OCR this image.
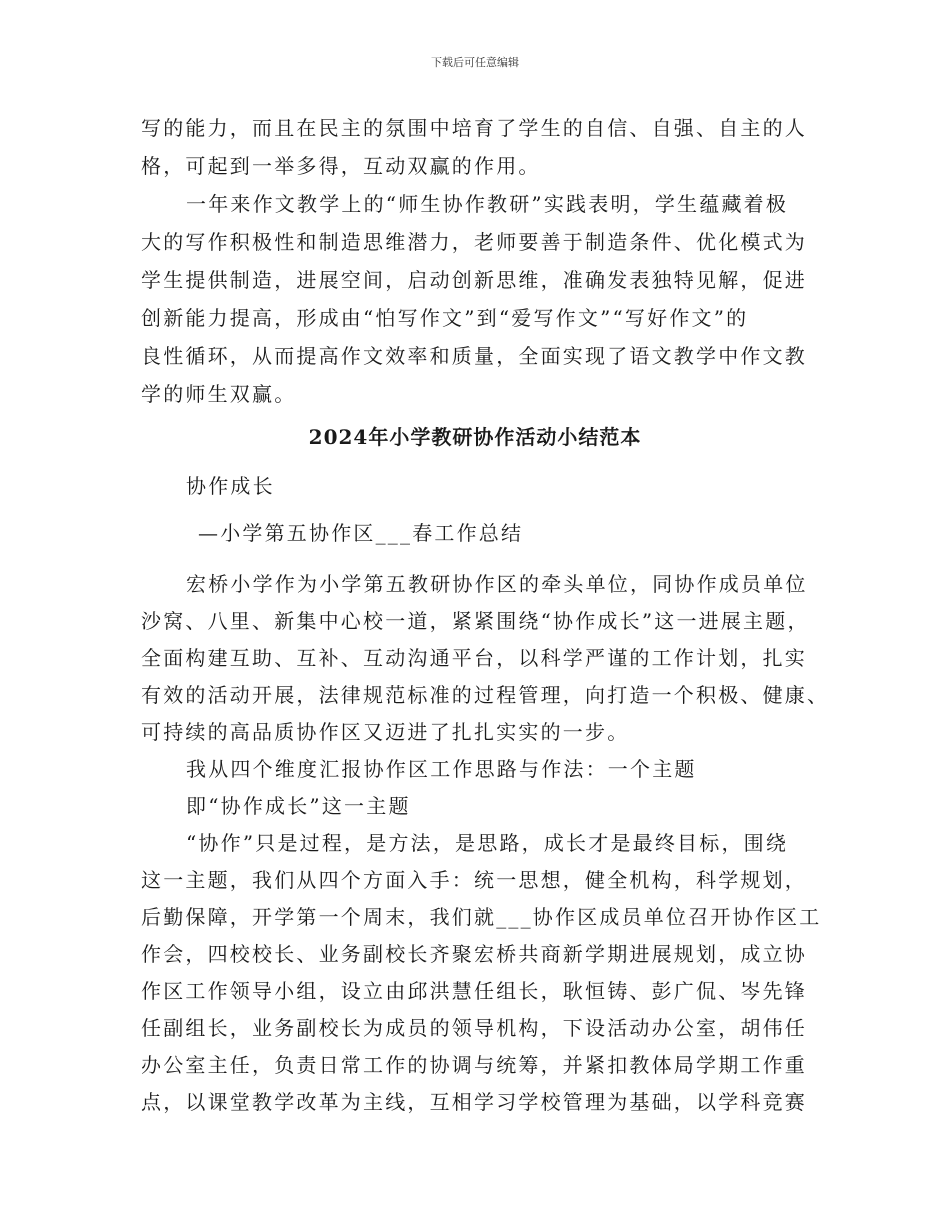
下载后可任意编辑
写的能力，而且在民主的氛围中培育了学生的自信、自强、自主的人
格，可起到一举多得，互动双赢的作用。
一年来作文教学上的“师生协作教研”实践表明，学生蕴藏着极
大的写作积极性和制造思维潜力，老师要善于制造条件、优化模式为
学生提供制造，进展空间，启动创新思维，准确发表独特见解，促进
创新能力提高，形成由“怕写作文”到“爱写作文”“写好作文”的
良性循环，从而提高作文效率和质量，全面实现了语文教学中作文教
学的师生双赢。
2024年小学教研协作活动小结范本
协作成长
—小学第五协作区___春工作总结
宏桥小学作为小学第五教研协作区的牵头单位，同协作成员单位
沙窝、八里、新集中心校一道，紧紧围绕“协作成长”这一进展主题，
全面构建互助、互补、互动沟通平台，以科学严谨的工作计划，扎实
有效的活动开展，法律规范标准的过程管理，向打造一个积极、健康、
可持续的高品质协作区又迈进了扎扎实实的一步。
我从四个维度汇报协作区工作思路与作法：一个主题
即“协作成长”这一主题
“协作”只是过程，是方法，是思路，成长才是最终目标，围绕
这一主题，我们从四个方面入手：统一思想，健全机构，科学规划，
后勤保障，开学第一个周末，我们就___协作区成员单位召开协作区工
作会，四校校长、业务副校长齐聚宏桥共商新学期进展规划，成立协
作区工作领导小组，设立由邱洪慧任组长，耿恒铸、彭广侃、岑先锋
任副组长，业务副校长为成员的领导机构，下设活动办公室，胡伟任
办公室主任，负责日常工作的协调与统筹，并紧扣教体局学期工作重
点，以课堂教学改革为主线，互相学习学校管理为基础，以学科竞赛
